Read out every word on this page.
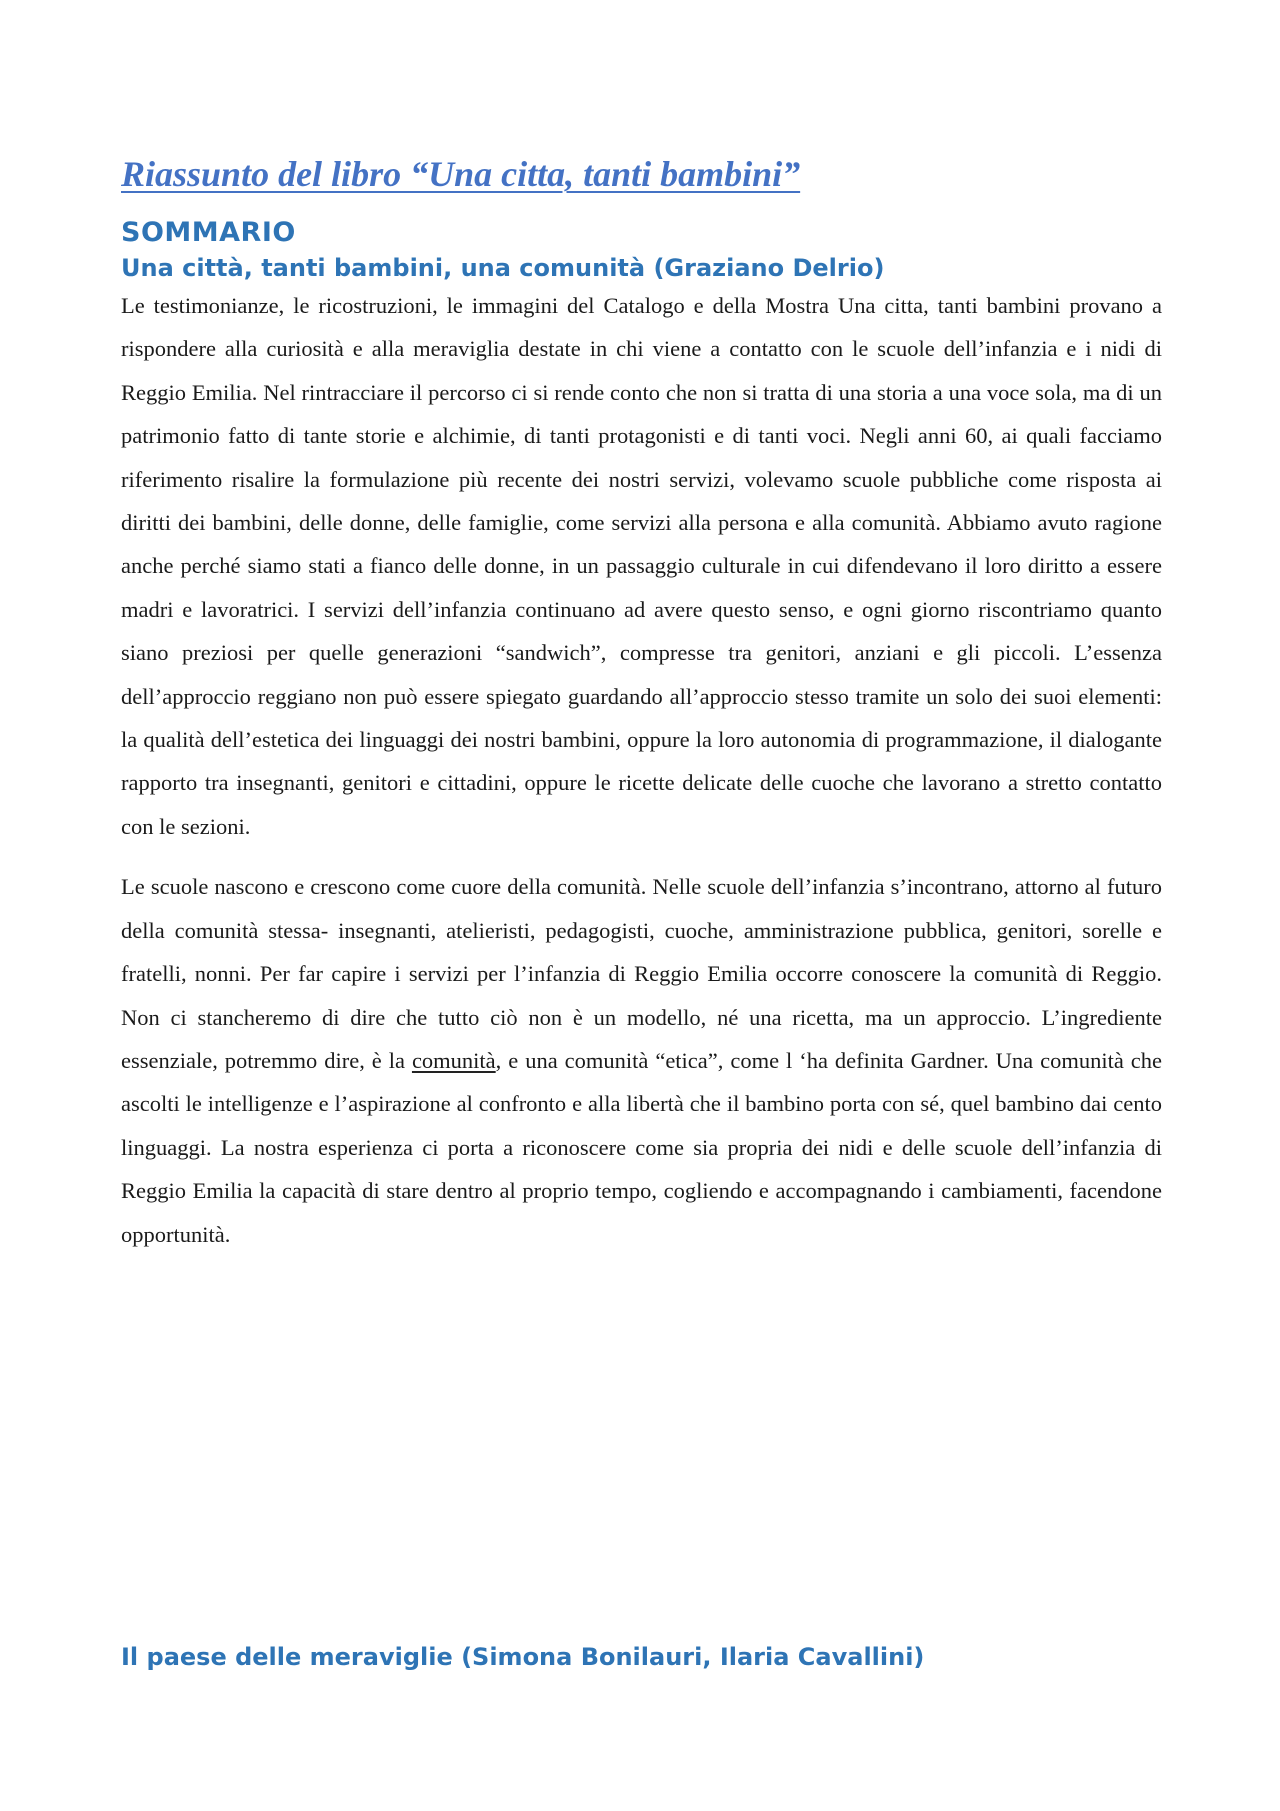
Riassunto del libro “Una citta, tanti bambini”
SOMMARIO
Una città, tanti bambini, una comunità (Graziano Delrio)

Le testimonianze, le ricostruzioni, le immagini del Catalogo e della Mostra Una citta, tanti bambini provano a rispondere alla curiosità e alla meraviglia destate in chi viene a contatto con le scuole dell’infanzia e i nidi di Reggio Emilia. Nel rintracciare il percorso ci si rende conto che non si tratta di una storia a una voce sola, ma di un patrimonio fatto di tante storie e alchimie, di tanti protagonisti e di tanti voci. Negli anni 60, ai quali facciamo riferimento risalire la formulazione più recente dei nostri servizi, volevamo scuole pubbliche come risposta ai diritti dei bambini, delle donne, delle famiglie, come servizi alla persona e alla comunità. Abbiamo avuto ragione anche perché siamo stati a fianco delle donne, in un passaggio culturale in cui difendevano il loro diritto a essere madri e lavoratrici. I servizi dell’infanzia continuano ad avere questo senso, e ogni giorno riscontriamo quanto siano preziosi per quelle generazioni “sandwich”, compresse tra genitori, anziani e gli piccoli. L’essenza dell’approccio reggiano non può essere spiegato guardando all’approccio stesso tramite un solo dei suoi elementi: la qualità dell’estetica dei linguaggi dei nostri bambini, oppure la loro autonomia di programmazione, il dialogante rapporto tra insegnanti, genitori e cittadini, oppure le ricette delicate delle cuoche che lavorano a stretto contatto con le sezioni.

Le scuole nascono e crescono come cuore della comunità. Nelle scuole dell’infanzia s’incontrano, attorno al futuro della comunità stessa- insegnanti, atelieristi, pedagogisti, cuoche, amministrazione pubblica, genitori, sorelle e fratelli, nonni. Per far capire i servizi per l’infanzia di Reggio Emilia occorre conoscere la comunità di Reggio. Non ci stancheremo di dire che tutto ciò non è un modello, né una ricetta, ma un approccio. L’ingrediente essenziale, potremmo dire, è la comunità, e una comunità “etica”, come l ‘ha definita Gardner. Una comunità che ascolti le intelligenze e l’aspirazione al confronto e alla libertà che il bambino porta con sé, quel bambino dai cento linguaggi. La nostra esperienza ci porta a riconoscere come sia propria dei nidi e delle scuole dell’infanzia di Reggio Emilia la capacità di stare dentro al proprio tempo, cogliendo e accompagnando i cambiamenti, facendone opportunità.

Il paese delle meraviglie (Simona Bonilauri, Ilaria Cavallini)
